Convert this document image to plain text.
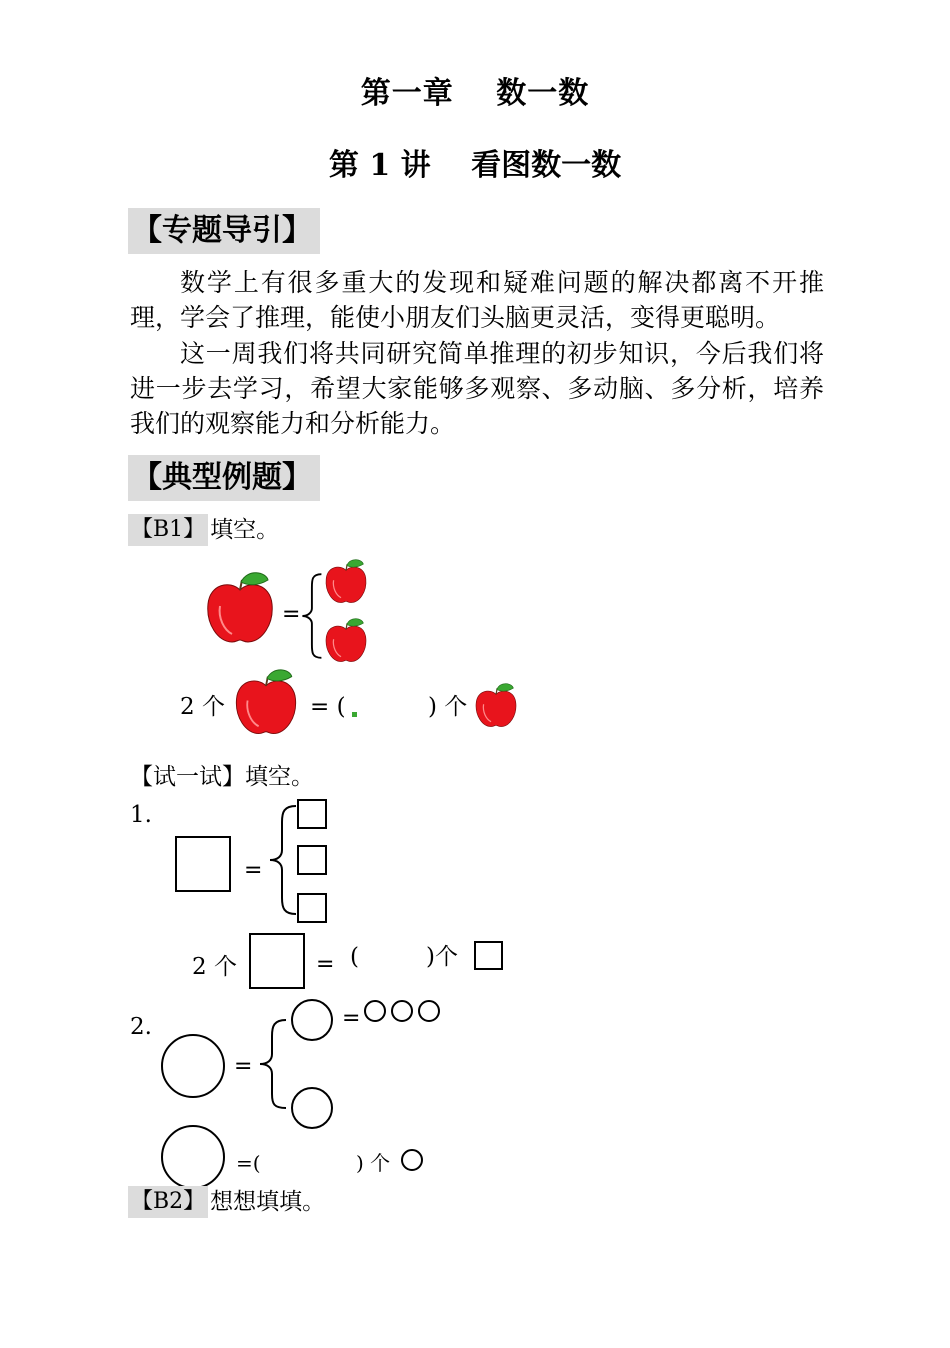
第一章　 数一数
第 1 讲　 看图数一数
【专题导引】
数学上有很多重大的发现和疑难问题的解决都离不开推理，学会了推理，能使小朋友们头脑更灵活，变得更聪明。
这一周我们将共同研究简单推理的初步知识，今后我们将进一步去学习，希望大家能够多观察、多动脑、多分析，培养我们的观察能力和分析能力。
【典型例题】
【B1】 填空。
=
2 个	= (	) 个
【试一试】填空。
1.
=
2 个	= (	)个
2.	=
=
=(	) 个
【B2】 想想填填。
